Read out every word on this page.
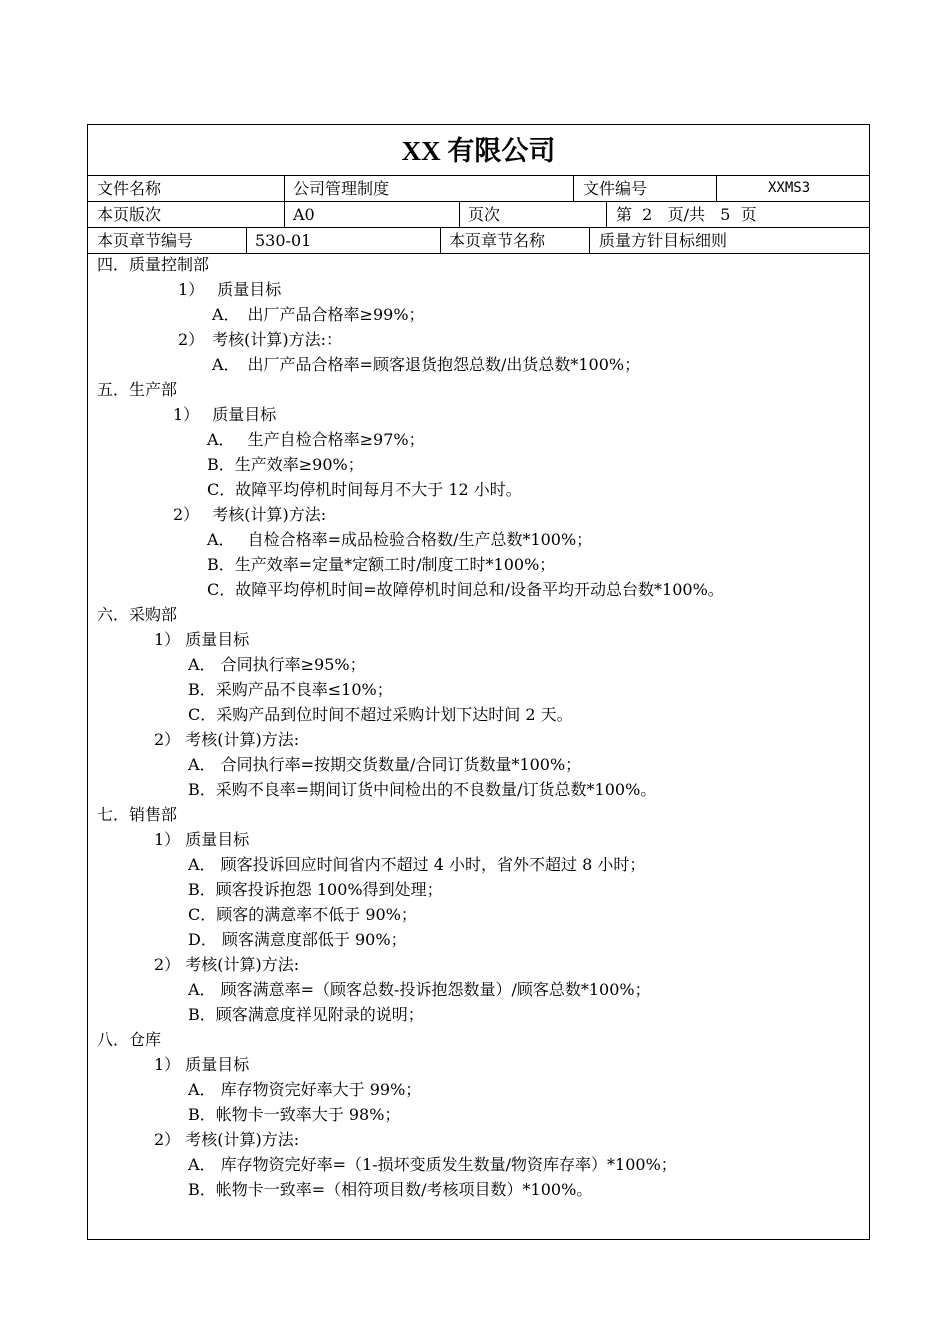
XX 有限公司
文件名称	公司管理制度	文件编号	XXMS3
本页版次	A0	页次	第  2   页/共   5  页
本页章节编号	530-01	本页章节名称	质量方针目标细则
四．质量控制部
1）　 质量目标
A．　出厂产品合格率≥99%；
2）　考核(计算)方法:：
A．　出厂产品合格率=顾客退货抱怨总数/出货总数*100%；
五．生产部
1）　 质量目标
A．　 生产自检合格率≥97%；
B．生产效率≥90%；
C．故障平均停机时间每月不大于 12 小时。
2）　 考核(计算)方法:
A．　 自检合格率=成品检验合格数/生产总数*100%；
B．生产效率=定量*定额工时/制度工时*100%；
C．故障平均停机时间=故障停机时间总和/设备平均开动总台数*100%。
六．采购部
1） 质量目标
A． 合同执行率≥95%；
B．采购产品不良率≤10%；
C．采购产品到位时间不超过采购计划下达时间 2 天。
2） 考核(计算)方法:
A． 合同执行率=按期交货数量/合同订货数量*100%；
B．采购不良率=期间订货中间检出的不良数量/订货总数*100%。
七．销售部
1） 质量目标
A． 顾客投诉回应时间省内不超过 4 小时，省外不超过 8 小时；
B．顾客投诉抱怨 100%得到处理；
C．顾客的满意率不低于 90%；
D． 顾客满意度部低于 90%；
2） 考核(计算)方法:
A． 顾客满意率=（顾客总数-投诉抱怨数量）/顾客总数*100%；
B．顾客满意度祥见附录的说明；
八．仓库
1） 质量目标
A． 库存物资完好率大于 99%；
B．帐物卡一致率大于 98%；
2） 考核(计算)方法:
A． 库存物资完好率=（1-损坏变质发生数量/物资库存率）*100%；
B．帐物卡一致率=（相符项目数/考核项目数）*100%。
